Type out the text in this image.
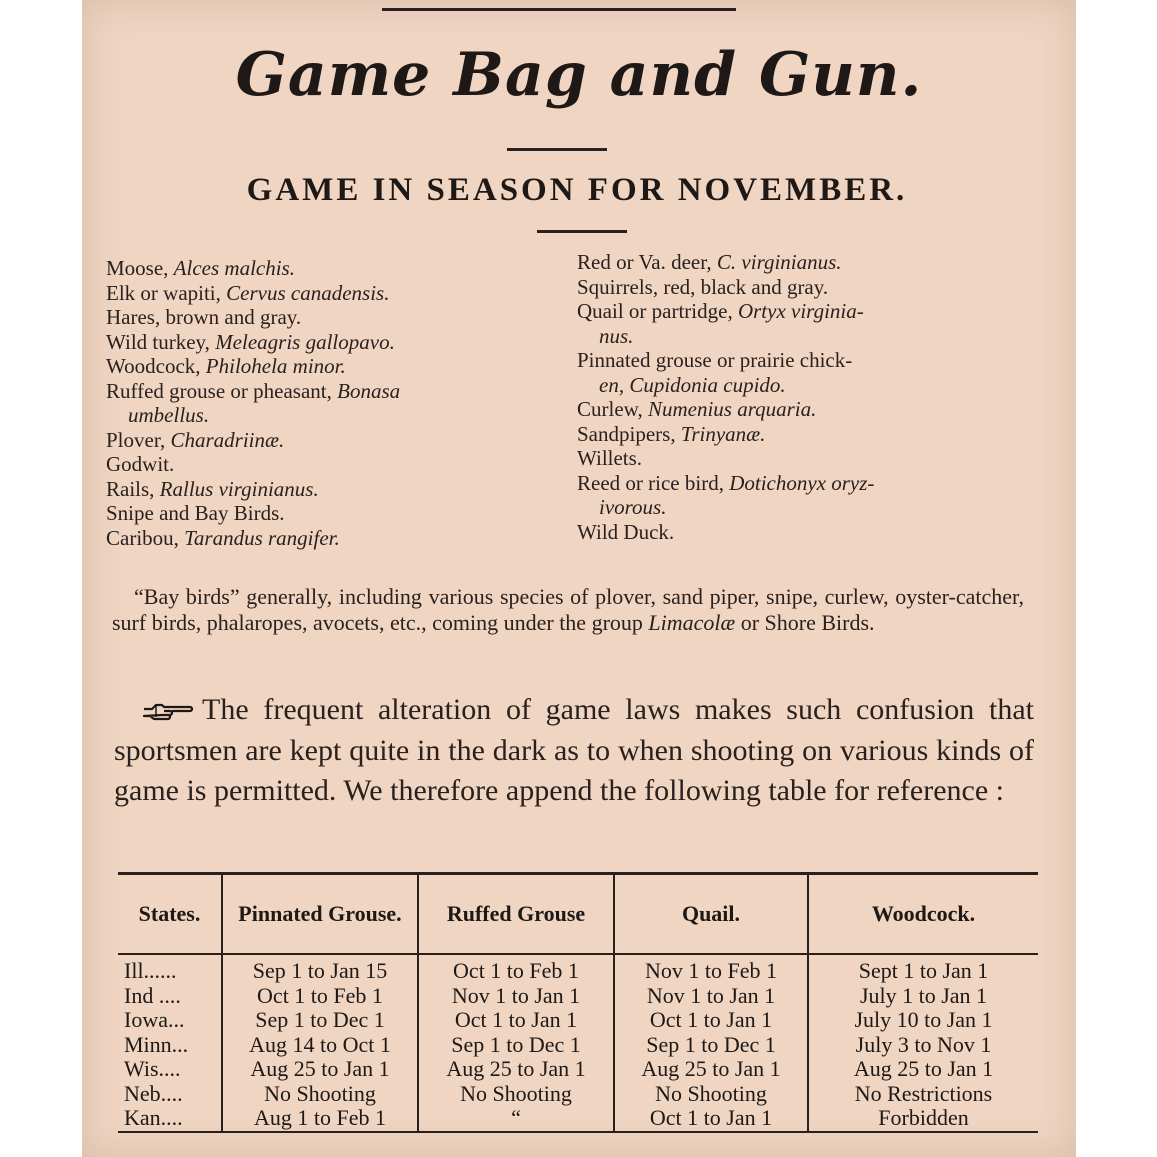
Game Bag and Gun.
GAME IN SEASON FOR NOVEMBER.
Moose, Alces malchis.
Elk or wapiti, Cervus canadensis.
Hares, brown and gray.
Wild turkey, Meleagris gallopavo.
Woodcock, Philohela minor.
Ruffed grouse or pheasant, Bonasa
umbellus.
Plover, Charadriinæ.
Godwit.
Rails, Rallus virginianus.
Snipe and Bay Birds.
Caribou, Tarandus rangifer.
Red or Va. deer, C. virginianus.
Squirrels, red, black and gray.
Quail or partridge, Ortyx virginia-
nus.
Pinnated grouse or prairie chick-
en, Cupidonia cupido.
Curlew, Numenius arquaria.
Sandpipers, Trinyanæ.
Willets.
Reed or rice bird, Dotichonyx oryz-
ivorous.
Wild Duck.
“Bay birds” generally, including various species of plover, sand piper, snipe, curlew, oyster-catcher, surf birds, phalaropes, avocets, etc., coming under the group Limacolæ or Shore Birds.
The frequent alteration of game laws makes such confusion that sportsmen are kept quite in the dark as to when shooting on various kinds of game is permitted. We therefore append the following table for reference :
States.	Pinnated Grouse.	Ruffed Grouse	Quail.	Woodcock.
Ill......	Sep 1 to Jan 15	Oct 1 to Feb 1	Nov 1 to Feb 1	Sept 1 to Jan 1
Ind ....	Oct 1 to Feb 1	Nov 1 to Jan 1	Nov 1 to Jan 1	July 1 to Jan 1
Iowa...	Sep 1 to Dec 1	Oct 1 to Jan 1	Oct 1 to Jan 1	July 10 to Jan 1
Minn...	Aug 14 to Oct 1	Sep 1 to Dec 1	Sep 1 to Dec 1	July 3 to Nov 1
Wis....	Aug 25 to Jan 1	Aug 25 to Jan 1	Aug 25 to Jan 1	Aug 25 to Jan 1
Neb....	No Shooting	No Shooting	No Shooting	No Restrictions
Kan....	Aug 1 to Feb 1	“	Oct 1 to Jan 1	Forbidden
